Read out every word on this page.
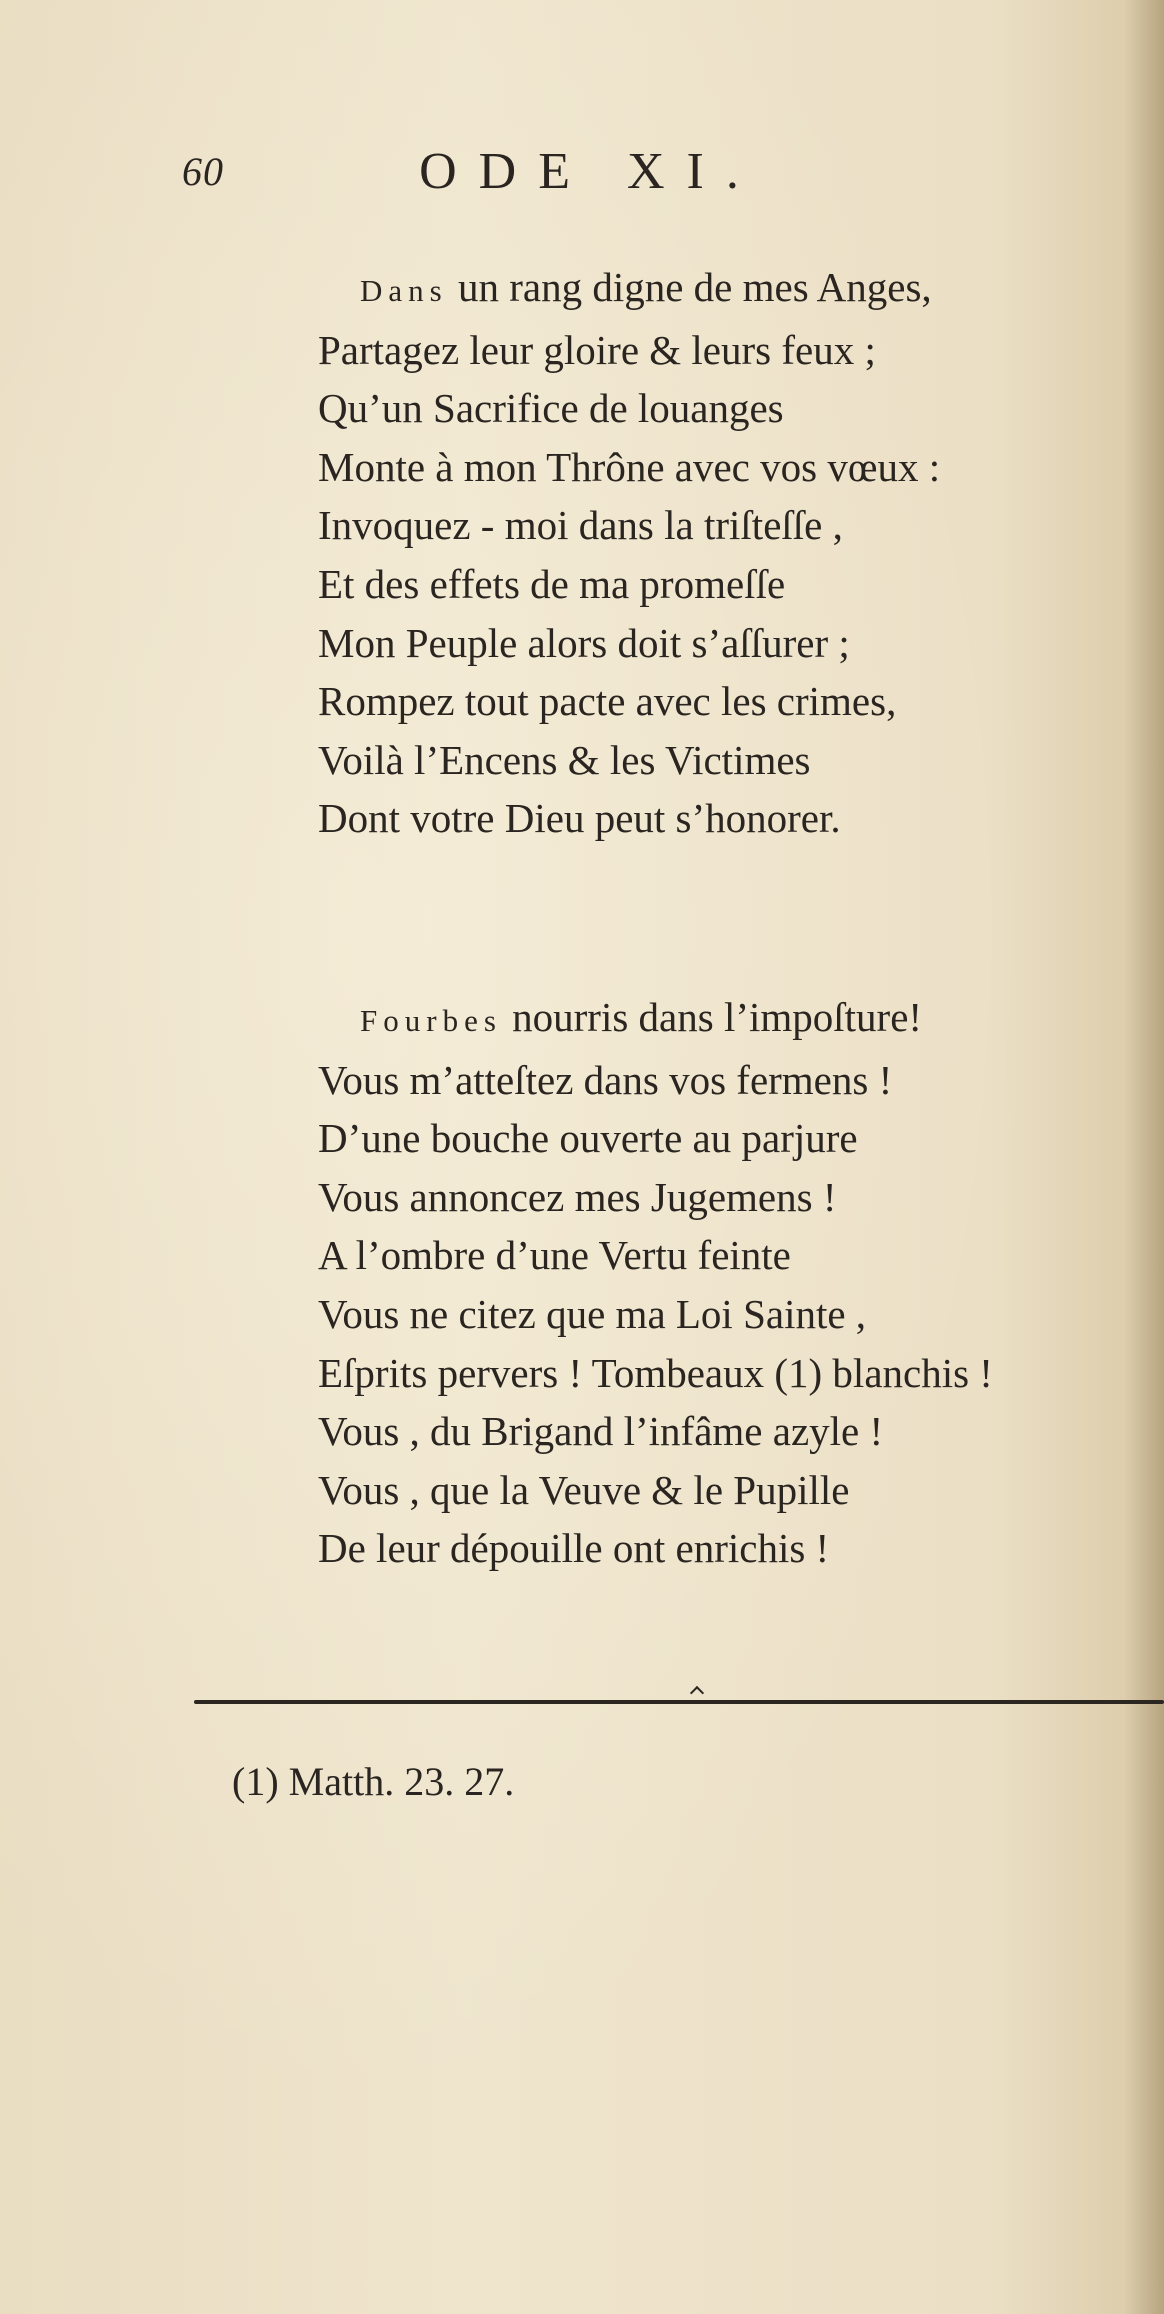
60	ODE XI.
Dans un rang digne de mes Anges,
Partagez leur gloire & leurs feux ;
Qu’un Sacrifice de louanges
Monte à mon Thrône avec vos vœux :
Invoquez - moi dans la triſteſſe ,
Et des effets de ma promeſſe
Mon Peuple alors doit s’aſſurer ;
Rompez tout pacte avec les crimes,
Voilà l’Encens & les Victimes
Dont votre Dieu peut s’honorer.
Fourbes nourris dans l’impoſture!
Vous m’atteſtez dans vos fermens !
D’une bouche ouverte au parjure
Vous annoncez mes Jugemens !
A l’ombre d’une Vertu feinte
Vous ne citez que ma Loi Sainte ,
Eſprits pervers ! Tombeaux (1) blanchis !
Vous , du Brigand l’infâme azyle !
Vous , que la Veuve & le Pupille
De leur dépouille ont enrichis !
(1) Matth. 23. 27.
